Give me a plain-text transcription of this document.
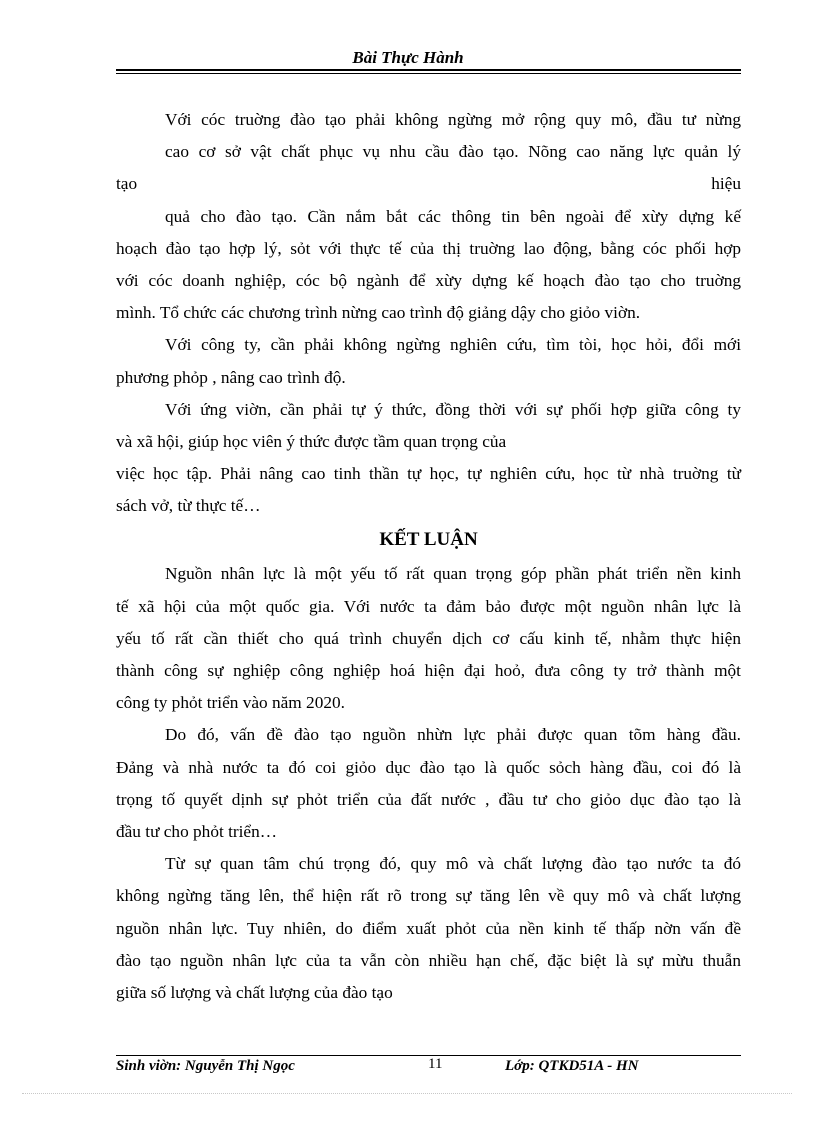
Bài Thực Hành
Với cóc truờng đào tạo phải không ngừng mở rộng quy mô, đầu tư nừng
cao cơ sở vật chất phục vụ nhu cầu đào tạo. Nõng cao năng lực quản lý
tạo	hiệu
quả cho đào tạo. Cần nắm bắt các thông tin bên ngoài để xừy dựng kế
hoạch đào tạo hợp lý, sỏt với thực tế của thị truờng lao động, bằng cóc phối hợp
với cóc doanh nghiệp, cóc bộ ngành để xừy dựng kế hoạch đào tạo cho truờng
mình. Tổ chức các chương trình nừng cao trình độ giảng dậy cho giỏo viờn.
Với công ty, cần phải không ngừng nghiên cứu, tìm tòi, học hỏi, đổi mới
phương phỏp , nâng cao trình độ.
Với ứng viờn, cần phải tự ý thức, đồng thời với sự phối hợp giữa công ty
và xã hội, giúp học viên ý thức được tầm quan trọng của
việc học tập. Phải nâng cao tinh thần tự học, tự nghiên cứu, học từ nhà truờng từ
sách vở, từ thực tế…
KẾT LUẬN
Nguồn nhân lực là một yếu tố rất quan trọng góp phần phát triển nền kinh
tế xã hội của một quốc gia. Với nước ta đảm bảo được một nguồn nhân lực là
yếu tố rất cần thiết cho quá trình chuyển dịch cơ cấu kinh tế, nhằm thực hiện
thành công sự nghiệp công nghiệp hoá hiện đại hoỏ, đưa công ty trở thành một
công ty phỏt triển vào năm 2020.
Do đó, vấn đề đào tạo nguồn nhừn lực phải được quan tõm hàng đầu.
Đảng và nhà nước ta đó coi giỏo dục đào tạo là quốc sỏch hàng đầu, coi đó là
trọng tố quyết dịnh sự phỏt triển của đất nước , đầu tư cho giỏo dục đào tạo là
đầu tư cho phỏt triển…
Từ sự quan tâm chú trọng đó, quy mô và chất lượng đào tạo nước ta đó
không ngừng tăng lên, thể hiện rất rõ trong sự tăng lên về quy mô và chất lượng
nguồn nhân lực. Tuy nhiên, do điểm xuất phỏt của nền kinh tế thấp nờn vấn đề
đào tạo nguồn nhân lực của ta vẫn còn nhiều hạn chế, đặc biệt là sự mừu thuẫn
giữa số lượng và chất lượng của đào tạo
Sinh viờn: Nguyễn Thị Ngọc	11	Lớp: QTKD51A - HN
